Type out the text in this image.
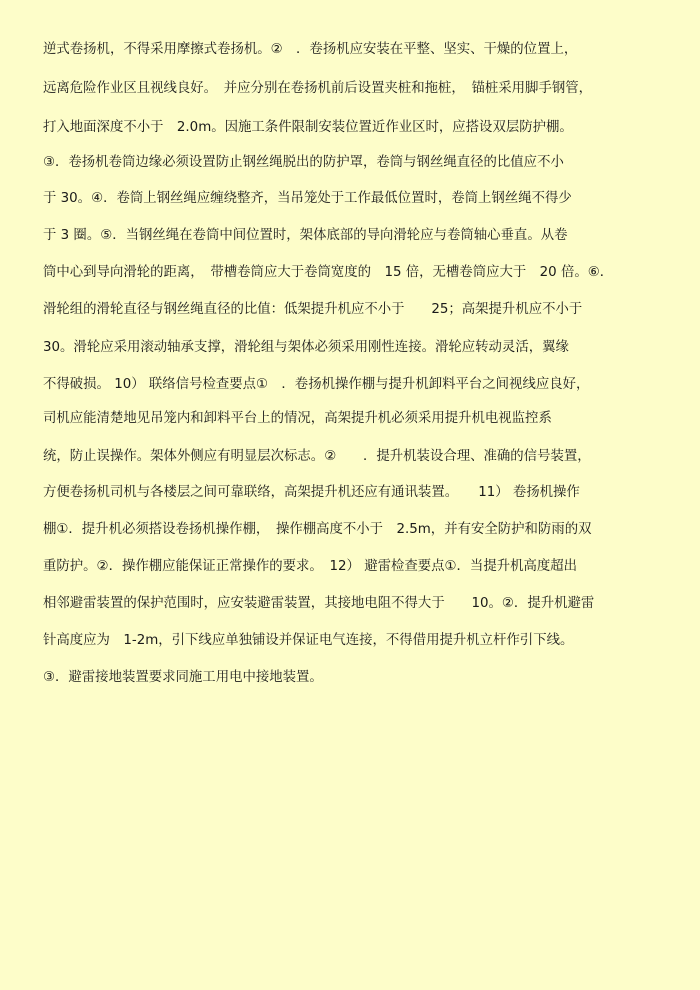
逆式卷扬机，不得采用摩擦式卷扬机。②　．卷扬机应安装在平整、坚实、干燥的位置上，
远离危险作业区且视线良好。　并应分别在卷扬机前后设置夹桩和拖桩，　锚桩采用脚手钢管，
打入地面深度不小于　2.0m。因施工条件限制安装位置近作业区时，应搭设双层防护棚。
③．卷扬机卷筒边缘必须设置防止钢丝绳脱出的防护罩，卷筒与钢丝绳直径的比值应不小
于 30。④．卷筒上钢丝绳应缠绕整齐，当吊笼处于工作最低位置时，卷筒上钢丝绳不得少
于 3 圈。⑤．当钢丝绳在卷筒中间位置时，架体底部的导向滑轮应与卷筒轴心垂直。从卷
筒中心到导向滑轮的距离，　带槽卷筒应大于卷筒宽度的　15 倍，无槽卷筒应大于　20 倍。⑥．
滑轮组的滑轮直径与钢丝绳直径的比值：低架提升机应不小于　　25；高架提升机应不小于
30。滑轮应采用滚动轴承支撑，滑轮组与架体必须采用刚性连接。滑轮应转动灵活，翼缘
不得破损。 10） 联络信号检查要点①　．卷扬机操作棚与提升机卸料平台之间视线应良好，
司机应能清楚地见吊笼内和卸料平台上的情况，高架提升机必须采用提升机电视监控系
统，防止误操作。架体外侧应有明显层次标志。②　　．提升机装设合理、准确的信号装置，
方便卷扬机司机与各楼层之间可靠联络，高架提升机还应有通讯装置。　　11） 卷扬机操作
棚①．提升机必须搭设卷扬机操作棚，　操作棚高度不小于　2.5m，并有安全防护和防雨的双
重防护。②．操作棚应能保证正常操作的要求。　12） 避雷检查要点①．当提升机高度超出
相邻避雷装置的保护范围时，应安装避雷装置，其接地电阻不得大于　　10。②．提升机避雷
针高度应为　1-2m，引下线应单独铺设并保证电气连接，不得借用提升机立杆作引下线。
③．避雷接地装置要求同施工用电中接地装置。
